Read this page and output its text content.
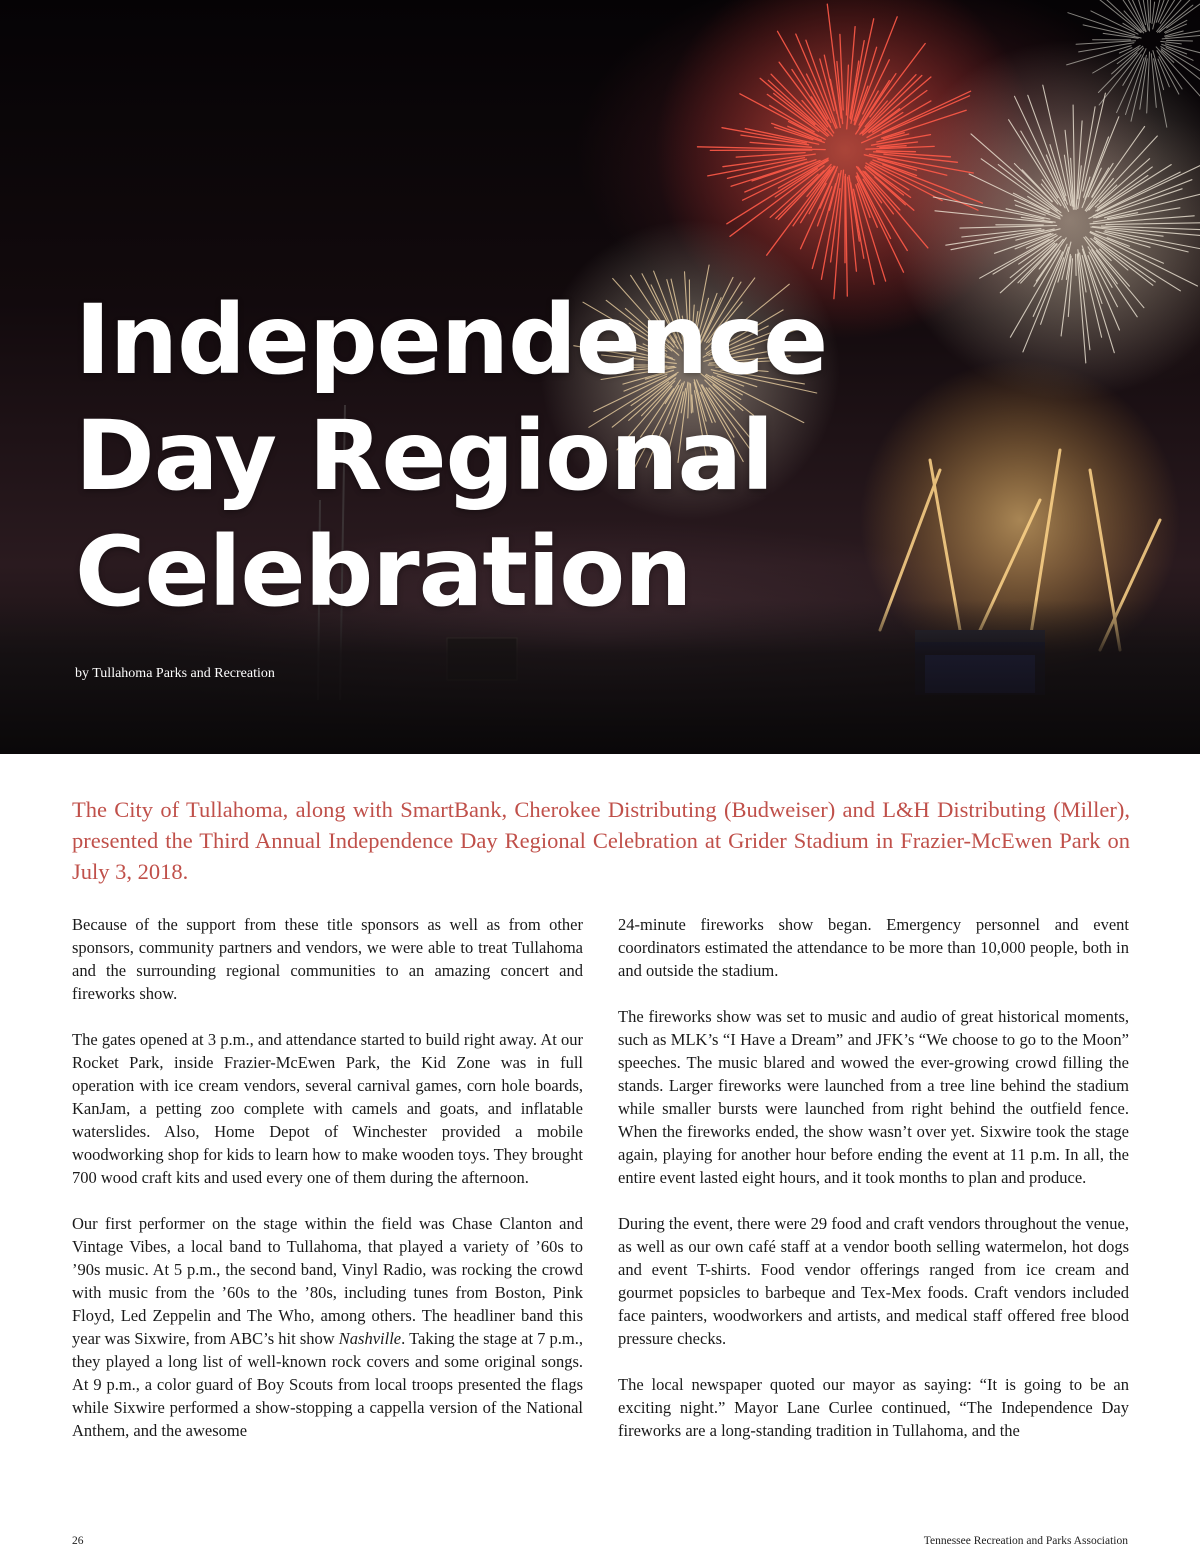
Independence
Day Regional
Celebration

by Tullahoma Parks and Recreation

The City of Tullahoma, along with SmartBank, Cherokee Distributing (Budweiser) and L&H Distributing (Miller), presented the Third Annual Independence Day Regional Celebration at Grider Stadium in Frazier-McEwen Park on July 3, 2018.

Because of the support from these title sponsors as well as from other sponsors, community partners and vendors, we were able to treat Tullahoma and the surrounding regional communities to an amazing concert and fireworks show.

The gates opened at 3 p.m., and attendance started to build right away. At our Rocket Park, inside Frazier-McEwen Park, the Kid Zone was in full operation with ice cream vendors, several carnival games, corn hole boards, KanJam, a petting zoo complete with camels and goats, and inflatable waterslides. Also, Home Depot of Winchester provided a mobile woodworking shop for kids to learn how to make wooden toys. They brought 700 wood craft kits and used every one of them during the afternoon.

Our first performer on the stage within the field was Chase Clanton and Vintage Vibes, a local band to Tullahoma, that played a variety of ’60s to ’90s music. At 5 p.m., the second band, Vinyl Radio, was rocking the crowd with music from the ’60s to the ’80s, including tunes from Boston, Pink Floyd, Led Zeppelin and The Who, among others. The headliner band this year was Sixwire, from ABC’s hit show Nashville. Taking the stage at 7 p.m., they played a long list of well-known rock covers and some original songs. At 9 p.m., a color guard of Boy Scouts from local troops presented the flags while Sixwire performed a show-stopping a cappella version of the National Anthem, and the awesome

24-minute fireworks show began. Emergency personnel and event coordinators estimated the attendance to be more than 10,000 people, both in and outside the stadium.

The fireworks show was set to music and audio of great historical moments, such as MLK’s “I Have a Dream” and JFK’s “We choose to go to the Moon” speeches. The music blared and wowed the ever-growing crowd filling the stands. Larger fireworks were launched from a tree line behind the stadium while smaller bursts were launched from right behind the outfield fence. When the fireworks ended, the show wasn’t over yet. Sixwire took the stage again, playing for another hour before ending the event at 11 p.m. In all, the entire event lasted eight hours, and it took months to plan and produce.

During the event, there were 29 food and craft vendors throughout the venue, as well as our own café staff at a vendor booth selling watermelon, hot dogs and event T-shirts. Food vendor offerings ranged from ice cream and gourmet popsicles to barbeque and Tex-Mex foods. Craft vendors included face painters, woodworkers and artists, and medical staff offered free blood pressure checks.

The local newspaper quoted our mayor as saying: “It is going to be an exciting night.” Mayor Lane Curlee continued, “The Independence Day fireworks are a long-standing tradition in Tullahoma, and the

26	Tennessee Recreation and Parks Association
